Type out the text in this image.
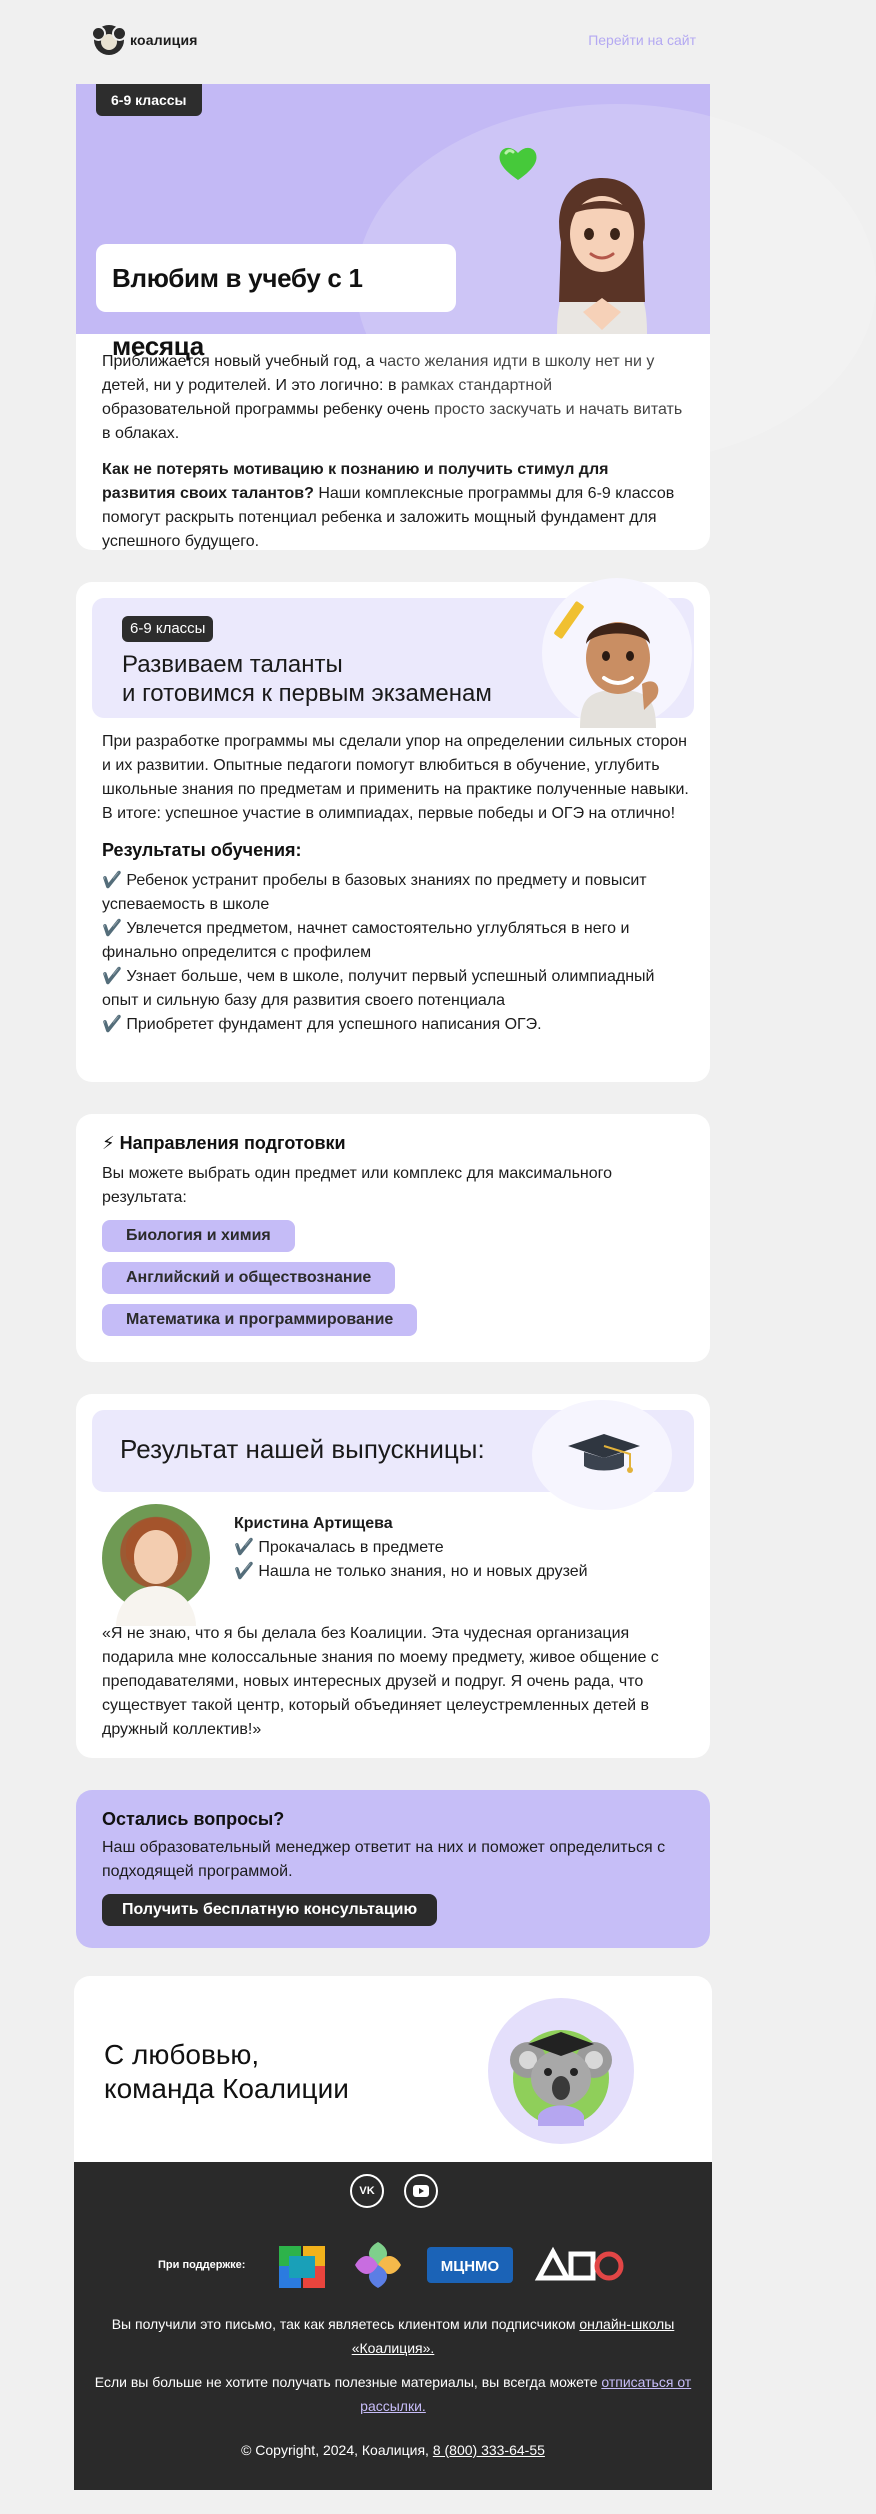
коалиция	Перейти на сайт
6-9 классы
Влюбим в учебу с 1 месяца

Приближается новый учебный год, а часто желания идти в школу нет ни у детей, ни у родителей. И это логично: в рамках стандартной образовательной программы ребенку очень просто заскучать и начать витать в облаках.

Как не потерять мотивацию к познанию и получить стимул для развития своих талантов? Наши комплексные программы для 6-9 классов помогут раскрыть потенциал ребенка и заложить мощный фундамент для успешного будущего.

6-9 классы
Развиваем таланты
и готовимся к первым экзаменам

При разработке программы мы сделали упор на определении сильных сторон и их развитии. Опытные педагоги помогут влюбиться в обучение, углубить школьные знания по предметам и применить на практике полученные навыки. В итоге: успешное участие в олимпиадах, первые победы и ОГЭ на отлично!

Результаты обучения:
✔️ Ребенок устранит пробелы в базовых знаниях по предмету и повысит успеваемость в школе
✔️ Увлечется предметом, начнет самостоятельно углубляться в него и финально определится с профилем
✔️ Узнает больше, чем в школе, получит первый успешный олимпиадный опыт и сильную базу для развития своего потенциала
✔️ Приобретет фундамент для успешного написания ОГЭ.
⚡ Направления подготовки

Вы можете выбрать один предмет или комплекс для максимального результата:

Биология и химия
Английский и обществознание
Математика и программирование
Результат нашей выпускницы:
Кристина Артищева
✔️ Прокачалась в предмете
✔️ Нашла не только знания, но и новых друзей

«Я не знаю, что я бы делала без Коалиции. Эта чудесная организация подарила мне колоссальные знания по моему предмету, живое общение с преподавателями, новых интересных друзей и подруг. Я очень рада, что существует такой центр, который объединяет целеустремленных детей в дружный коллектив!»

Остались вопросы?

Наш образовательный менеджер ответит на них и поможет определиться с подходящей программой.

Получить бесплатную консультацию
С любовью,
команда Коалиции
VK
При поддержке:	МЦНМО
ДПО
Вы получили это письмо, так как являетесь клиентом или подписчиком онлайн-школы «Коалиция».
Если вы больше не хотите получать полезные материалы, вы всегда можете отписаться от рассылки.
© Copyright, 2024, Коалиция, 8 (800) 333-64-55
